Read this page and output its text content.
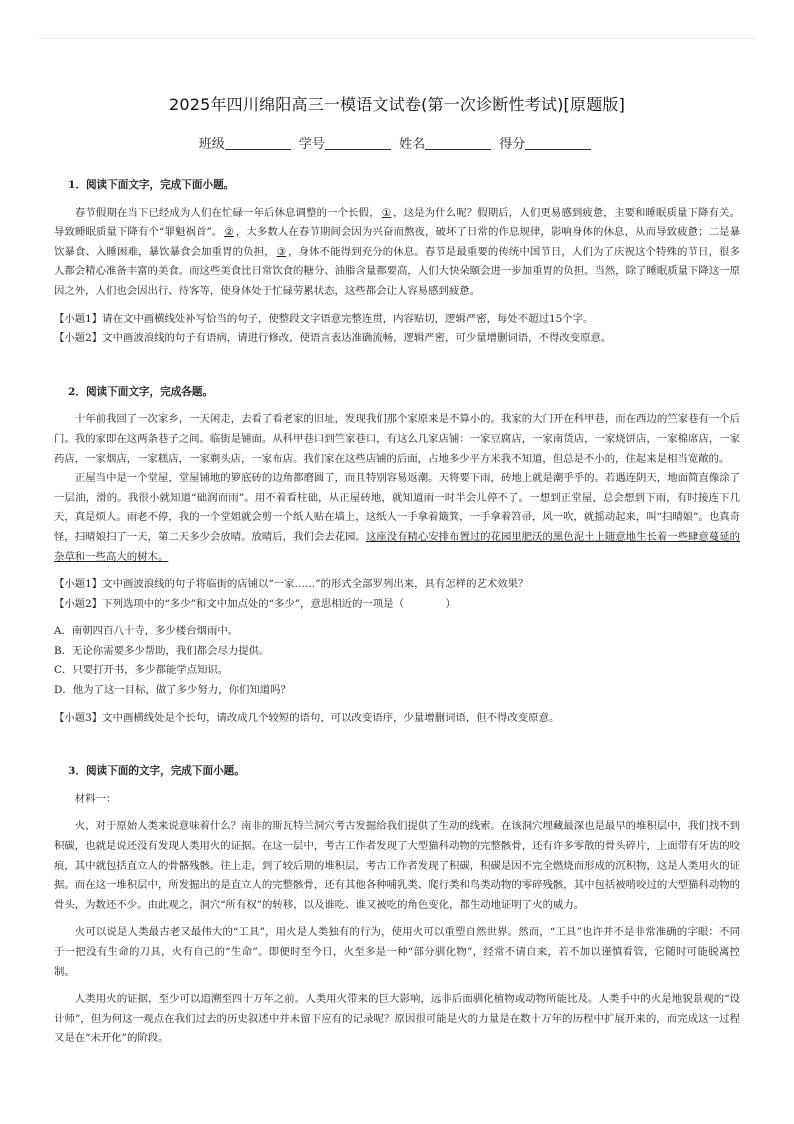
2025年四川绵阳高三一模语文试卷(第一次诊断性考试)[原题版]
班级	学号	姓名	得分

1．阅读下面文字，完成下面小题。

春节假期在当下已经成为人们在忙碌一年后休息调整的一个长假， ① ，这是为什么呢？假期后，人们更易感到疲惫，主要和睡眠质量下降有关。导致睡眠质量下降有个“罪魁祸首”。 ② ，大多数人在春节期间会因为兴奋而熬夜，破坏了日常的作息规律，影响身体的休息，从而导致疲惫；二是暴饮暴食、入睡困难，暴饮暴食会加重胃的负担， ③ ，身体不能得到充分的休息。春节是最重要的传统中国节日，人们为了庆祝这个特殊的节日，很多人都会精心准备丰富的美食。而这些美食比日常饮食的糖分、油脂含量都要高，人们大快朵颐会进一步加重胃的负担。当然，除了睡眠质量下降这一原因之外，人们也会因出行、待客等，使身体处于忙碌劳累状态，这些都会让人容易感到疲惫。

【小题1】请在文中画横线处补写恰当的句子，使整段文字语意完整连贯，内容贴切，逻辑严密，每处不超过15个字。

【小题2】文中画波浪线的句子有语病，请进行修改，使语言表达准确流畅，逻辑严密，可少量增删词语，不得改变原意。

2．阅读下面文字，完成各题。

十年前我回了一次家乡，一天闲走，去看了看老家的旧址，发现我们那个家原来是不算小的。我家的大门开在科甲巷，而在西边的竺家巷有一个后门。我的家即在这两条巷子之间。临街是铺面。从科甲巷口到竺家巷口，有这么几家店铺：一家豆腐店，一家南货店，一家烧饼店，一家棉席店，一家药店，一家烟店，一家糕店，一家剃头店，一家布店。我们家在这些店铺的后面，占地多少平方米我不知道，但总是不小的，住起来是相当宽敞的。

正屋当中是一个堂屋，堂屋铺地的箩底砖的边角都磨圆了，而且特别容易返潮。天将要下雨，砖地上就是潮乎乎的。若遇连阴天，地面简直像涂了一层油，滑的。我很小就知道“础润而雨”。用不着看柱础，从正屋砖地，就知道雨一时半会儿停不了。一想到正堂屋，总会想到下雨，有时接连下几天，真是烦人。雨老不停，我的一个堂姐就会剪一个纸人贴在墙上，这纸人一手拿着簸箕，一手拿着笤帚，风一吹，就摇动起来，叫“扫晴娘”。也真奇怪，扫晴娘扫了一天，第二天多少会放晴。放晴后，我们会去花园。这座没有精心安排布置过的花园里肥沃的黑色泥土上随意地生长着一些肆意蔓延的杂草和一些高大的树木。

【小题1】文中画波浪线的句子将临街的店铺以“一家……”的形式全部罗列出来，具有怎样的艺术效果？

【小题2】下列选项中的“多少”和文中加点处的“多少”，意思相近的一项是（　　　　）

A．南朝四百八十寺，多少楼台烟雨中。

B．无论你需要多少帮助，我们都会尽力提供。

C．只要打开书，多少都能学点知识。

D．他为了这一目标，做了多少努力，你们知道吗？

【小题3】文中画横线处是个长句，请改成几个较短的语句，可以改变语序，少量增删词语，但不得改变原意。

3．阅读下面的文字，完成下面小题。

材料一：

火，对于原始人类来说意味着什么？南非的斯瓦特兰洞穴考古发掘给我们提供了生动的线索。在该洞穴埋藏最深也是最早的堆积层中，我们找不到积碳，也就是说还没有发现人类用火的证据。在这一层中，考古工作者发现了大型猫科动物的完整骸骨，还有许多零散的骨头碎片，上面带有牙齿的咬痕，其中就包括直立人的骨骼残骸。往上走，到了较后期的堆积层，考古工作者发现了积碳，积碳是因不完全燃烧而形成的沉积物，这是人类用火的证据。而在这一堆积层中，所发掘出的是直立人的完整骸骨，还有其他各种哺乳类、爬行类和鸟类动物的零碎残骸，其中包括被啃咬过的大型猫科动物的骨头，为数还不少。由此观之，洞穴“所有权”的转移，以及谁吃、谁又被吃的角色变化，都生动地证明了火的威力。

火可以说是人类最古老又最伟大的“工具”，用火是人类独有的行为，使用火可以重塑自然世界。然而，“工具”也许并不是非常准确的字眼：不同于一把没有生命的刀具，火有自己的“生命”。即便时至今日，火至多是一种“部分驯化物”，经常不请自来，若不加以谨慎看管，它随时可能脱离控制。

人类用火的证据，至少可以追溯至四十万年之前。人类用火带来的巨大影响，远非后面驯化植物或动物所能比及。人类手中的火是地貌景观的“设计师”，但为何这一观点在我们过去的历史叙述中并未留下应有的记录呢？原因很可能是火的力量是在数十万年的历程中扩展开来的，而完成这一过程又是在“未开化”的阶段。
